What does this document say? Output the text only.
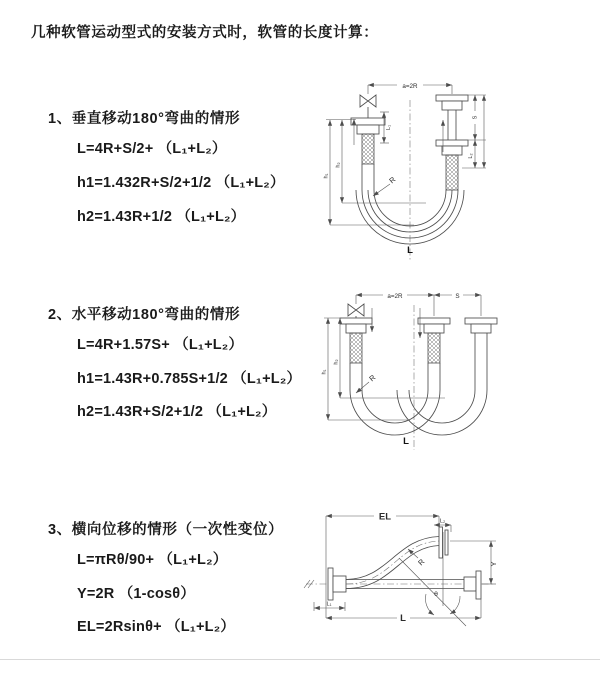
几种软管运动型式的安装方式时，软管的长度计算：
1、垂直移动180°弯曲的情形
L=4R+S/2+ （L₁+L₂）
h1=1.432R+S/2+1/2 （L₁+L₂）
h2=1.43R+1/2 （L₁+L₂）
2、水平移动180°弯曲的情形
L=4R+1.57S+ （L₁+L₂）
h1=1.43R+0.785S+1/2 （L₁+L₂）
h2=1.43R+S/2+1/2 （L₁+L₂）
3、横向位移的情形（一次性变位）
L=πRθ/90+ （L₁+L₂）
Y=2R （1-cosθ）
EL=2Rsinθ+ （L₁+L₂）
a=2R
h₁
h₂
L₁
S
L₂
R
L
a=2R	S
h₁
h₂
R
L
EL	L₂
Y
R
θ
L
L₁
